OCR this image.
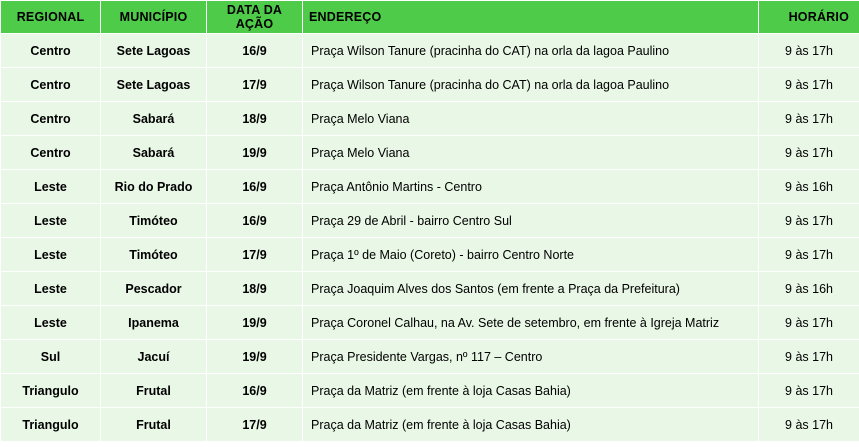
REGIONAL	MUNICÍPIO	DATA DA AÇÃO	ENDEREÇO	HORÁRIO
Centro	Sete Lagoas	16/9	Praça Wilson Tanure (pracinha do CAT) na orla da lagoa Paulino	9 às 17h
Centro	Sete Lagoas	17/9	Praça Wilson Tanure (pracinha do CAT) na orla da lagoa Paulino	9 às 17h
Centro	Sabará	18/9	Praça Melo Viana	9 às 17h
Centro	Sabará	19/9	Praça Melo Viana	9 às 17h
Leste	Rio do Prado	16/9	Praça Antônio Martins - Centro	9 às 16h
Leste	Timóteo	16/9	Praça 29 de Abril - bairro Centro Sul	9 às 17h
Leste	Timóteo	17/9	Praça 1º de Maio (Coreto) - bairro Centro Norte	9 às 17h
Leste	Pescador	18/9	Praça Joaquim Alves dos Santos (em frente a Praça da Prefeitura)	9 às 16h
Leste	Ipanema	19/9	Praça Coronel Calhau, na Av. Sete de setembro, em frente à Igreja Matriz	9 às 17h
Sul	Jacuí	19/9	Praça Presidente Vargas, nº 117 – Centro	9 às 17h
Triangulo	Frutal	16/9	Praça da Matriz (em frente à loja Casas Bahia)	9 às 17h
Triangulo	Frutal	17/9	Praça da Matriz (em frente à loja Casas Bahia)	9 às 17h
